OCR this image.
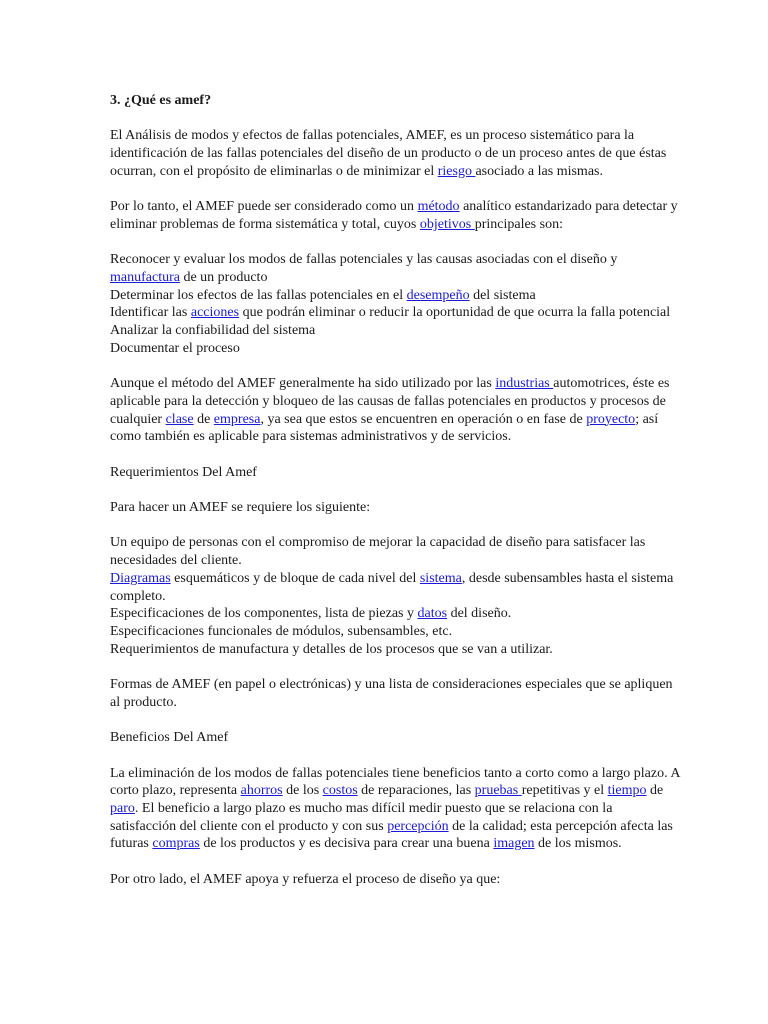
3. ¿Qué es amef?

El Análisis de modos y efectos de fallas potenciales, AMEF, es un proceso sistemático para la identificación de las fallas potenciales del diseño de un producto o de un proceso antes de que éstas ocurran, con el propósito de eliminarlas o de minimizar el riesgo asociado a las mismas.

Por lo tanto, el AMEF puede ser considerado como un método analítico estandarizado para detectar y eliminar problemas de forma sistemática y total, cuyos objetivos principales son:

Reconocer y evaluar los modos de fallas potenciales y las causas asociadas con el diseño y manufactura de un producto

Determinar los efectos de las fallas potenciales en el desempeño del sistema

Identificar las acciones que podrán eliminar o reducir la oportunidad de que ocurra la falla potencial

Analizar la confiabilidad del sistema

Documentar el proceso

Aunque el método del AMEF generalmente ha sido utilizado por las industrias automotrices, éste es aplicable para la detección y bloqueo de las causas de fallas potenciales en productos y procesos de cualquier clase de empresa, ya sea que estos se encuentren en operación o en fase de proyecto; así como también es aplicable para sistemas administrativos y de servicios.

Requerimientos Del Amef

Para hacer un AMEF se requiere los siguiente:

Un equipo de personas con el compromiso de mejorar la capacidad de diseño para satisfacer las necesidades del cliente.

Diagramas esquemáticos y de bloque de cada nivel del sistema, desde subensambles hasta el sistema completo.

Especificaciones de los componentes, lista de piezas y datos del diseño.

Especificaciones funcionales de módulos, subensambles, etc.

Requerimientos de manufactura y detalles de los procesos que se van a utilizar.

Formas de AMEF (en papel o electrónicas) y una lista de consideraciones especiales que se apliquen al producto.

Beneficios Del Amef

La eliminación de los modos de fallas potenciales tiene beneficios tanto a corto como a largo plazo. A corto plazo, representa ahorros de los costos de reparaciones, las pruebas repetitivas y el tiempo de paro. El beneficio a largo plazo es mucho mas difícil medir puesto que se relaciona con la satisfacción del cliente con el producto y con sus percepción de la calidad; esta percepción afecta las futuras compras de los productos y es decisiva para crear una buena imagen de los mismos.

Por otro lado, el AMEF apoya y refuerza el proceso de diseño ya que:
